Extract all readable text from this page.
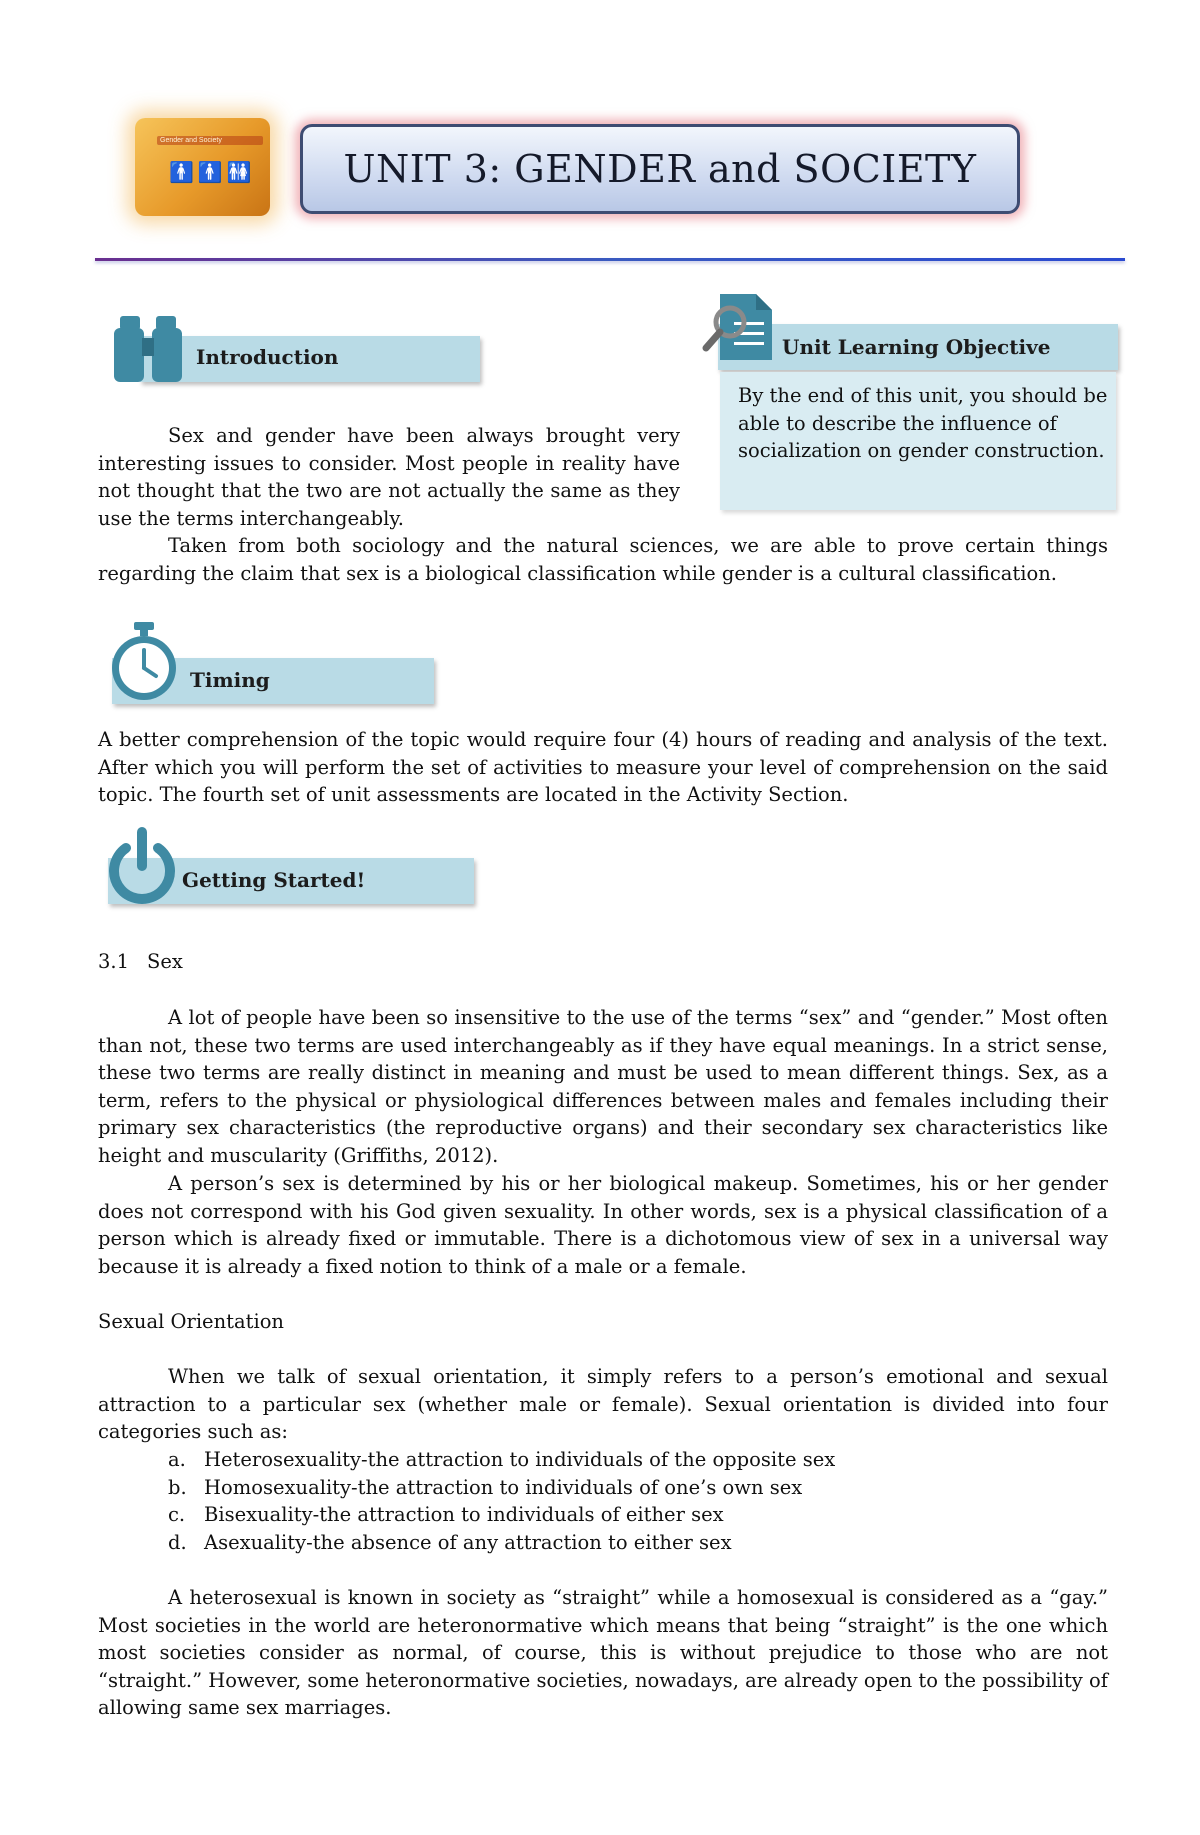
Gender and Society
🚹🚹🚻 UNIT 3: GENDER and SOCIETY
Introduction	Unit Learning Objective

By the end of this unit, you should be able to describe the influence of socialization on gender construction.

Sex and gender have been always brought very interesting issues to consider. Most people in reality have not thought that the two are not actually the same as they use the terms interchangeably.

Taken from both sociology and the natural sciences, we are able to prove certain things regarding the claim that sex is a biological classification while gender is a cultural classification.

Timing

A better comprehension of the topic would require four (4) hours of reading and analysis of the text. After which you will perform the set of activities to measure your level of comprehension on the said topic. The fourth set of unit assessments are located in the Activity Section.

Getting Started!
3.1 Sex

A lot of people have been so insensitive to the use of the terms “sex” and “gender.” Most often than not, these two terms are used interchangeably as if they have equal meanings. In a strict sense, these two terms are really distinct in meaning and must be used to mean different things. Sex, as a term, refers to the physical or physiological differences between males and females including their primary sex characteristics (the reproductive organs) and their secondary sex characteristics like height and muscularity (Griffiths, 2012).

A person’s sex is determined by his or her biological makeup. Sometimes, his or her gender does not correspond with his God given sexuality. In other words, sex is a physical classification of a person which is already fixed or immutable. There is a dichotomous view of sex in a universal way because it is already a fixed notion to think of a male or a female.

Sexual Orientation

When we talk of sexual orientation, it simply refers to a person’s emotional and sexual attraction to a particular sex (whether male or female). Sexual orientation is divided into four categories such as:

a. Heterosexuality-the attraction to individuals of the opposite sex
b. Homosexuality-the attraction to individuals of one’s own sex
c. Bisexuality-the attraction to individuals of either sex
d. Asexuality-the absence of any attraction to either sex

A heterosexual is known in society as “straight” while a homosexual is considered as a “gay.” Most societies in the world are heteronormative which means that being “straight” is the one which most societies consider as normal, of course, this is without prejudice to those who are not “straight.” However, some heteronormative societies, nowadays, are already open to the possibility of allowing same sex marriages.
